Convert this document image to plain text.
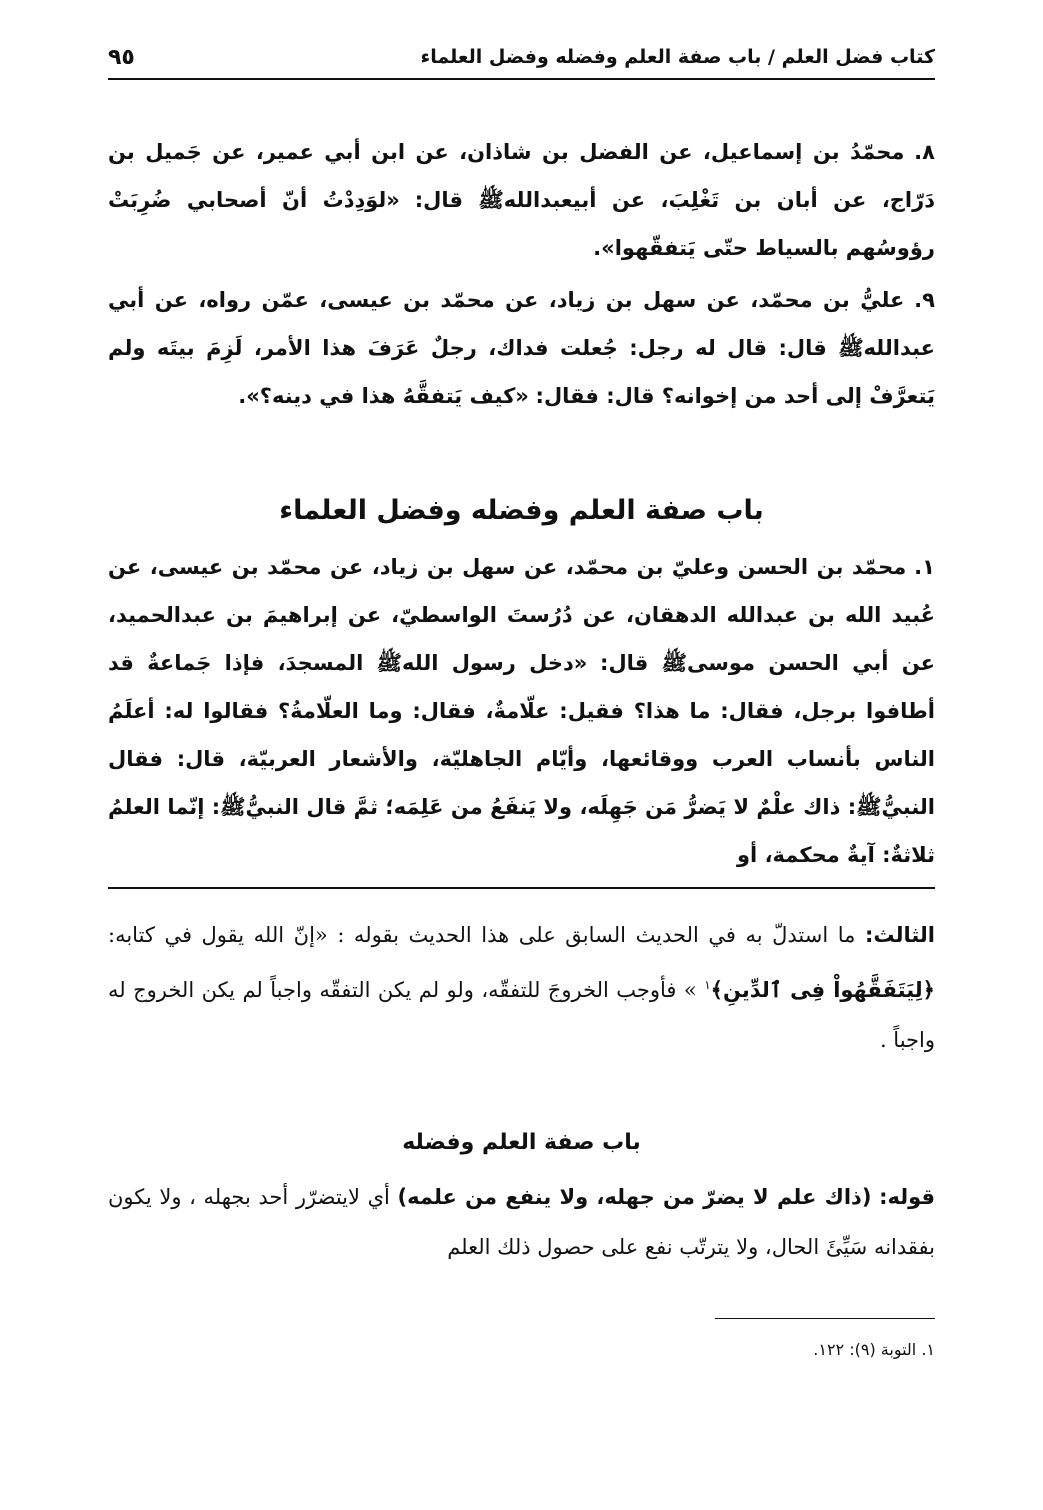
كتاب فضل العلم / باب صفة العلم وفضله وفضل العلماء
٩٥

٨. محمّدُ بن إسماعيل، عن الفضل بن شاذان، عن ابن أبي عمير، عن جَميل بن دَرّاج، عن أبان بن تَغْلِبَ، عن أبيعبدالله‌ﷺ قال: «لوَدِدْتُ أنّ أصحابي ضُرِبَتْ رؤوسُهم بالسياط حتّى يَتفقّهوا».

٩. عليُّ بن محمّد، عن سهل بن زياد، عن محمّد بن عيسى، عمّن رواه، عن أبي عبدالله‌ﷺ قال: قال له رجل: جُعلت فداك، رجلٌ عَرَفَ هذا الأمر، لَزِمَ بيتَه ولم يَتعرَّفْ إلى أحد من إخوانه؟ قال: فقال: «كيف يَتفقَّهُ هذا في دينه؟».

باب صفة العلم وفضله وفضل العلماء

١. محمّد بن الحسن وعليّ بن محمّد، عن سهل بن زياد، عن محمّد بن عيسى، عن عُبيد الله بن عبدالله الدهقان، عن دُرُستَ الواسطيّ، عن إبراهيمَ بن عبدالحميد، عن أبي الحسن موسى‌ﷺ قال: «دخل رسول الله‌ﷺ المسجدَ، فإذا جَماعةٌ قد أطافوا برجل، فقال: ما هذا؟ فقيل: علّامةٌ، فقال: وما العلّامةُ؟ فقالوا له: أعلَمُ الناس بأنساب العرب ووقائعها، وأيّام الجاهليّة، والأشعار العربيّة، قال: فقال النبيُّ‌ﷺ: ذاك علْمٌ لا يَضرُّ مَن جَهِلَه، ولا يَنفَعُ من عَلِمَه؛ ثمَّ قال النبيُّ‌ﷺ: إنّما العلمُ ثلاثةٌ: آيةٌ محكمة، أو

الثالث: ما استدلّ به في الحديث السابق على هذا الحديث بقوله : «إنّ الله يقول في كتابه: ﴿لِيَتَفَقَّهُواْ فِى ٱلدِّينِ﴾$^١$ » فأوجب الخروجَ للتفقّه، ولو لم يكن التفقّه واجباً لم يكن الخروج له واجباً .

باب صفة العلم وفضله

قوله: (ذاك علم لا يضرّ من جهله، ولا ينفع من علمه) أي لايتضرّر أحد بجهله ، ولا يكون بفقدانه سَيِّئَ الحال، ولا يترتّب نفع على حصول ذلك العلم

١. التوبة (٩): ١٢٢.
